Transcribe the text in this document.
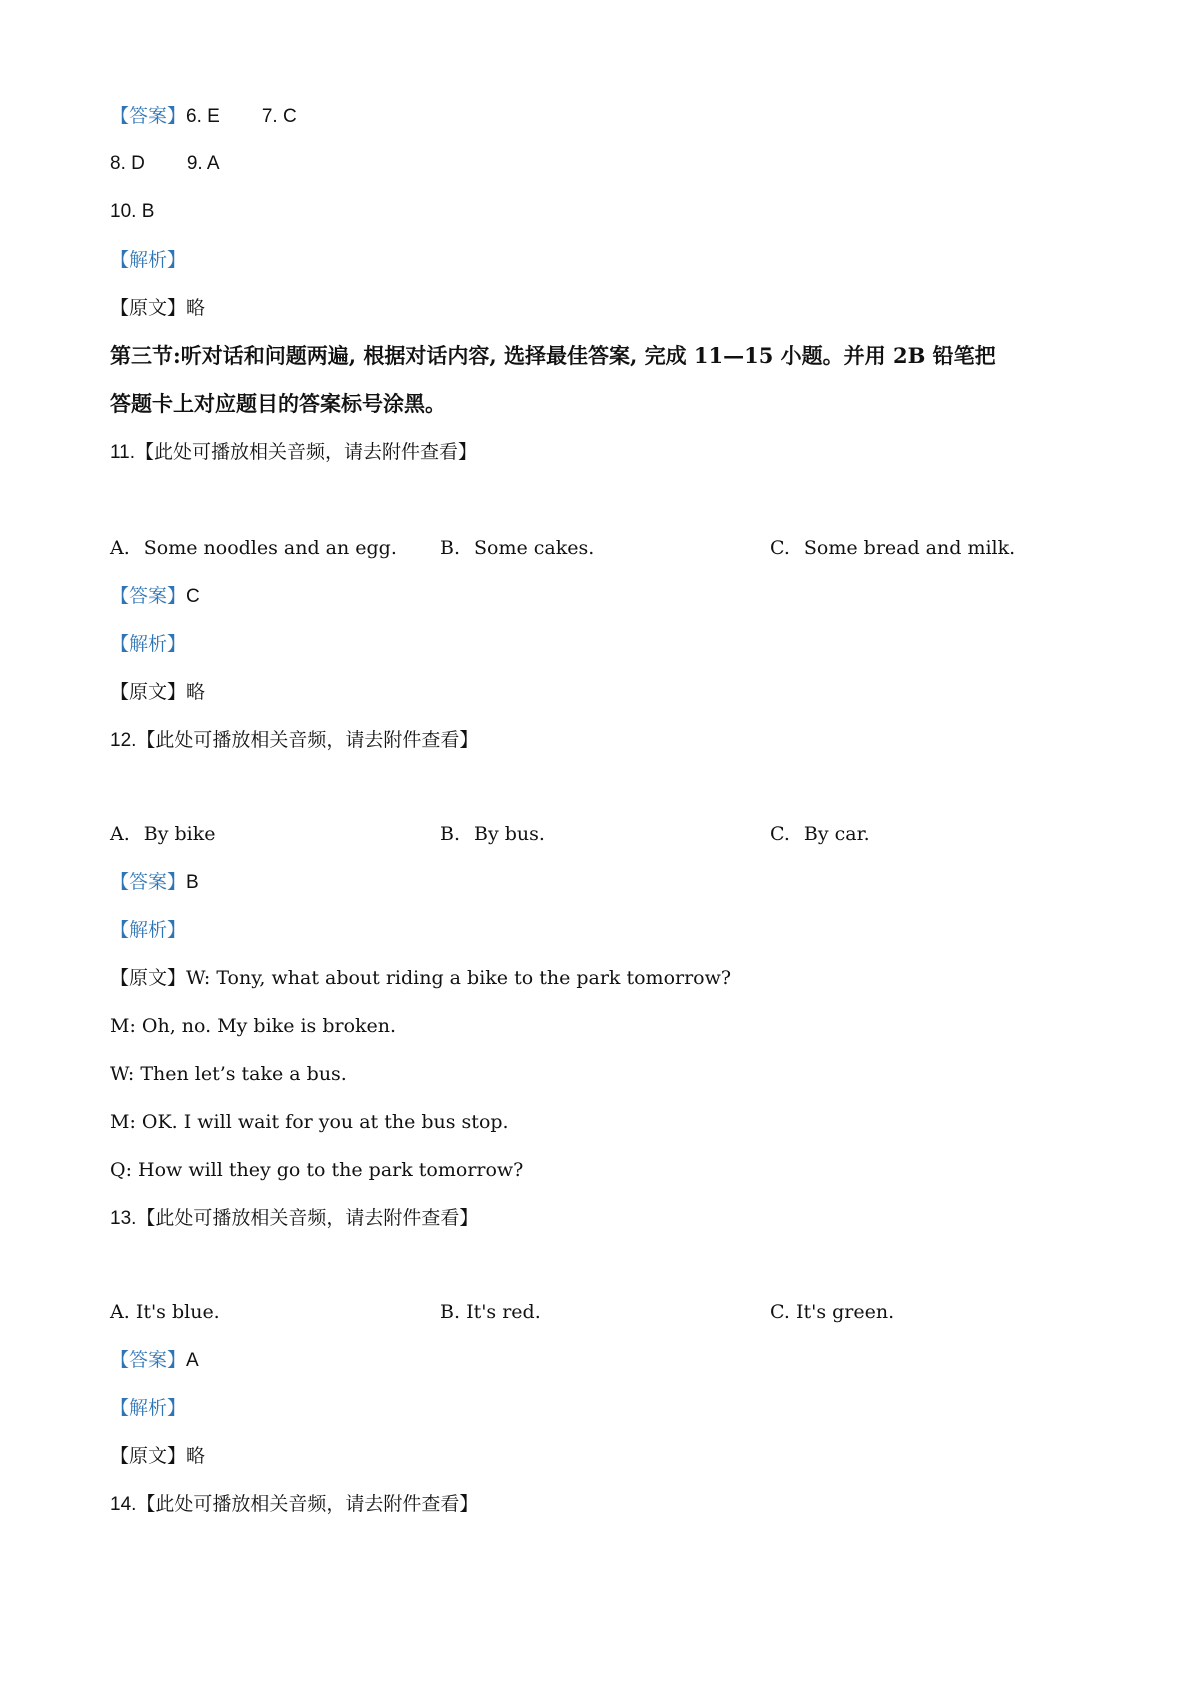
【答案】6. E 7. C
8. D 9. A
10. B
【解析】
【原文】略
第三节:听对话和问题两遍, 根据对话内容, 选择最佳答案, 完成 11—15 小题。并用 2B 铅笔把
答题卡上对应题目的答案标号涂黑。
11.【此处可播放相关音频，请去附件查看】
A. Some noodles and an egg. B. Some cakes.	C. Some bread and milk.
【答案】C
【解析】
【原文】略
12.【此处可播放相关音频，请去附件查看】
A. By bike	B. By bus.	C. By car.
【答案】B
【解析】
【原文】W: Tony, what about riding a bike to the park tomorrow?
M: Oh, no. My bike is broken.
W: Then let’s take a bus.
M: OK. I will wait for you at the bus stop.
Q: How will they go to the park tomorrow?
13.【此处可播放相关音频，请去附件查看】
A. It's blue.	B. It's red.	C. It's green.
【答案】A
【解析】
【原文】略
14.【此处可播放相关音频，请去附件查看】
